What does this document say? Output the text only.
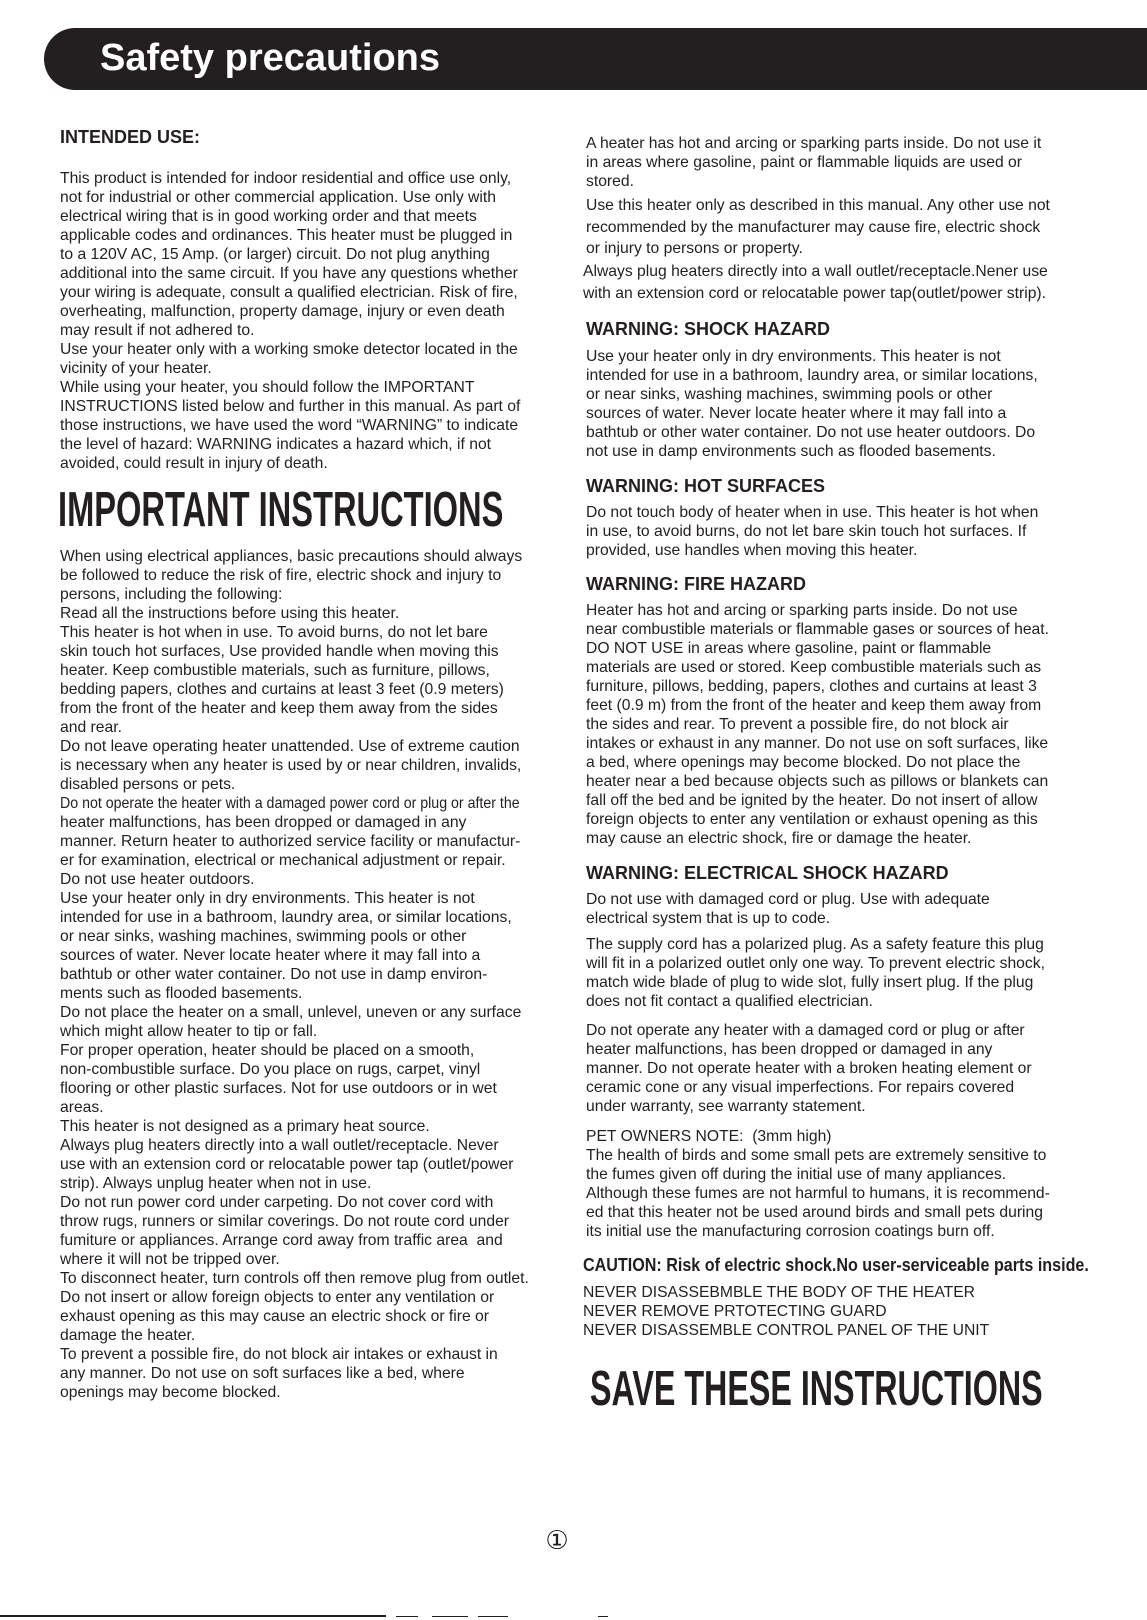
Safety precautions
INTENDED USE:
This product is intended for indoor residential and office use only,
not for industrial or other commercial application. Use only with
electrical wiring that is in good working order and that meets
applicable codes and ordinances. This heater must be plugged in
to a 120V AC, 15 Amp. (or larger) circuit. Do not plug anything
additional into the same circuit. If you have any questions whether
your wiring is adequate, consult a qualified electrician. Risk of fire,
overheating, malfunction, property damage, injury or even death
may result if not adhered to.
Use your heater only with a working smoke detector located in the
vicinity of your heater.
While using your heater, you should follow the IMPORTANT
INSTRUCTIONS listed below and further in this manual. As part of
those instructions, we have used the word “WARNING” to indicate
the level of hazard: WARNING indicates a hazard which, if not
avoided, could result in injury of death.
IMPORTANT INSTRUCTIONS
When using electrical appliances, basic precautions should always
be followed to reduce the risk of fire, electric shock and injury to
persons, including the following:
Read all the instructions before using this heater.
This heater is hot when in use. To avoid burns, do not let bare
skin touch hot surfaces, Use provided handle when moving this
heater. Keep combustible materials, such as furniture, pillows,
bedding papers, clothes and curtains at least 3 feet (0.9 meters)
from the front of the heater and keep them away from the sides
and rear.
Do not leave operating heater unattended. Use of extreme caution
is necessary when any heater is used by or near children, invalids,
disabled persons or pets.
Do not operate the heater with a damaged power cord or plug or after the
heater malfunctions, has been dropped or damaged in any
manner. Return heater to authorized service facility or manufactur-
er for examination, electrical or mechanical adjustment or repair.
Do not use heater outdoors.
Use your heater only in dry environments. This heater is not
intended for use in a bathroom, laundry area, or similar locations,
or near sinks, washing machines, swimming pools or other
sources of water. Never locate heater where it may fall into a
bathtub or other water container. Do not use in damp environ-
ments such as flooded basements.
Do not place the heater on a small, unlevel, uneven or any surface
which might allow heater to tip or fall.
For proper operation, heater should be placed on a smooth,
non-combustible surface. Do you place on rugs, carpet, vinyl
flooring or other plastic surfaces. Not for use outdoors or in wet
areas.
This heater is not designed as a primary heat source.
Always plug heaters directly into a wall outlet/receptacle. Never
use with an extension cord or relocatable power tap (outlet/power
strip). Always unplug heater when not in use.
Do not run power cord under carpeting. Do not cover cord with
throw rugs, runners or similar coverings. Do not route cord under
fumiture or appliances. Arrange cord away from traffic area  and
where it will not be tripped over.
To disconnect heater, turn controls off then remove plug from outlet.
Do not insert or allow foreign objects to enter any ventilation or
exhaust opening as this may cause an electric shock or fire or
damage the heater.
To prevent a possible fire, do not block air intakes or exhaust in
any manner. Do not use on soft surfaces like a bed, where
openings may become blocked.
A heater has hot and arcing or sparking parts inside. Do not use it
in areas where gasoline, paint or flammable liquids are used or
stored.
Use this heater only as described in this manual. Any other use not
recommended by the manufacturer may cause fire, electric shock
or injury to persons or property.
Always plug heaters directly into a wall outlet/receptacle.Nener use
with an extension cord or relocatable power tap(outlet/power strip).
WARNING: SHOCK HAZARD
Use your heater only in dry environments. This heater is not
intended for use in a bathroom, laundry area, or similar locations,
or near sinks, washing machines, swimming pools or other
sources of water. Never locate heater where it may fall into a
bathtub or other water container. Do not use heater outdoors. Do
not use in damp environments such as flooded basements.
WARNING: HOT SURFACES
Do not touch body of heater when in use. This heater is hot when
in use, to avoid burns, do not let bare skin touch hot surfaces. If
provided, use handles when moving this heater.
WARNING: FIRE HAZARD
Heater has hot and arcing or sparking parts inside. Do not use
near combustible materials or flammable gases or sources of heat.
DO NOT USE in areas where gasoline, paint or flammable
materials are used or stored. Keep combustible materials such as
furniture, pillows, bedding, papers, clothes and curtains at least 3
feet (0.9 m) from the front of the heater and keep them away from
the sides and rear. To prevent a possible fire, do not block air
intakes or exhaust in any manner. Do not use on soft surfaces, like
a bed, where openings may become blocked. Do not place the
heater near a bed because objects such as pillows or blankets can
fall off the bed and be ignited by the heater. Do not insert of allow
foreign objects to enter any ventilation or exhaust opening as this
may cause an electric shock, fire or damage the heater.
WARNING: ELECTRICAL SHOCK HAZARD
Do not use with damaged cord or plug. Use with adequate
electrical system that is up to code.
The supply cord has a polarized plug. As a safety feature this plug
will fit in a polarized outlet only one way. To prevent electric shock,
match wide blade of plug to wide slot, fully insert plug. If the plug
does not fit contact a qualified electrician.
Do not operate any heater with a damaged cord or plug or after
heater malfunctions, has been dropped or damaged in any
manner. Do not operate heater with a broken heating element or
ceramic cone or any visual imperfections. For repairs covered
under warranty, see warranty statement.
PET OWNERS NOTE:  (3mm high)
The health of birds and some small pets are extremely sensitive to
the fumes given off during the initial use of many appliances.
Although these fumes are not harmful to humans, it is recommend-
ed that this heater not be used around birds and small pets during
its initial use the manufacturing corrosion coatings burn off.
CAUTION: Risk of electric shock.No user-serviceable parts inside.
NEVER DISASSEBMBLE THE BODY OF THE HEATER
NEVER REMOVE PRTOTECTING GUARD
NEVER DISASSEMBLE CONTROL PANEL OF THE UNIT
SAVE THESE INSTRUCTIONS
①
